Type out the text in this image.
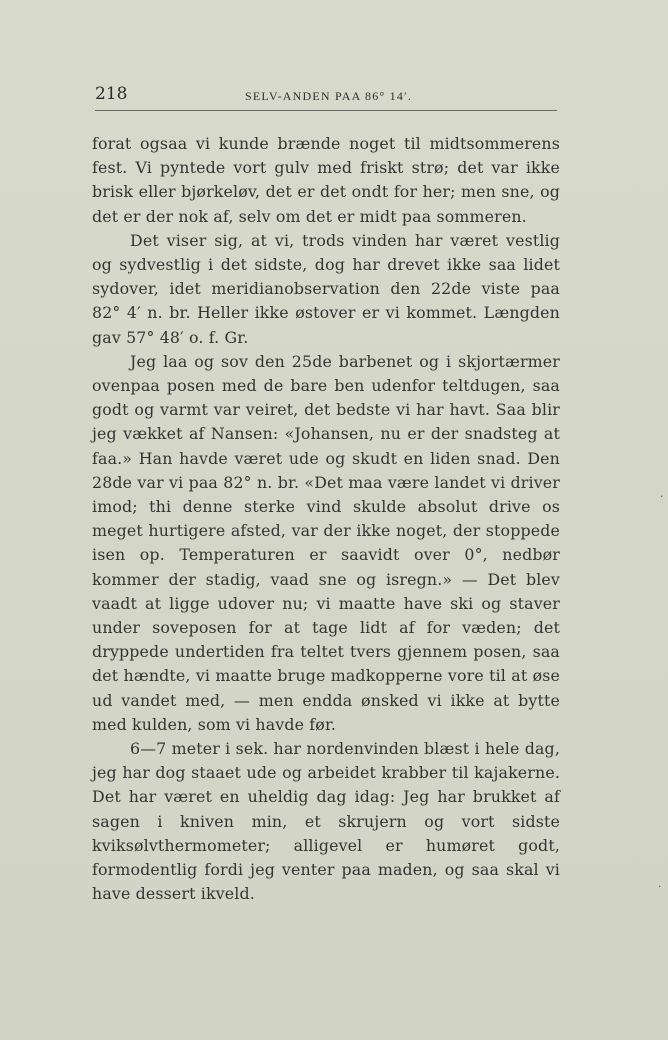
218	SELV-ANDEN PAA 86° 14′.

forat ogsaa vi kunde brænde noget til midtsommerens fest. Vi pyntede vort gulv med friskt strø; det var ikke brisk eller bjørkeløv, det er det ondt for her; men sne, og det er der nok af, selv om det er midt paa sommeren.

Det viser sig, at vi, trods vinden har været vestlig og sydvestlig i det sidste, dog har drevet ikke saa lidet sydover, idet meridianobservation den 22de viste paa 82° 4′ n. br. Heller ikke østover er vi kommet. Længden gav 57° 48′ o. f. Gr.

Jeg laa og sov den 25de barbenet og i skjortærmer ovenpaa posen med de bare ben udenfor teltdugen, saa godt og varmt var veiret, det bedste vi har havt. Saa blir jeg vækket af Nansen: «Johansen, nu er der snadsteg at faa.» Han havde været ude og skudt en liden snad. Den 28de var vi paa 82° n. br. «Det maa være landet vi driver imod; thi denne sterke vind skulde absolut drive os meget hurtigere afsted, var der ikke noget, der stoppede isen op. Temperaturen er saavidt over 0°, nedbør kommer der stadig, vaad sne og isregn.» — Det blev vaadt at ligge udover nu; vi maatte have ski og staver under soveposen for at tage lidt af for væden; det dryppede undertiden fra teltet tvers gjennem posen, saa det hændte, vi maatte bruge madkopperne vore til at øse ud vandet med, — men endda ønsked vi ikke at bytte med kulden, som vi havde før.

6—7 meter i sek. har nordenvinden blæst i hele dag, jeg har dog staaet ude og arbeidet krabber til kajakerne. Det har været en uheldig dag idag: Jeg har brukket af sagen i kniven min, et skrujern og vort sidste kviksølvthermometer; alligevel er humøret godt, formodentlig fordi jeg venter paa maden, og saa skal vi have dessert ikveld.

·
·
